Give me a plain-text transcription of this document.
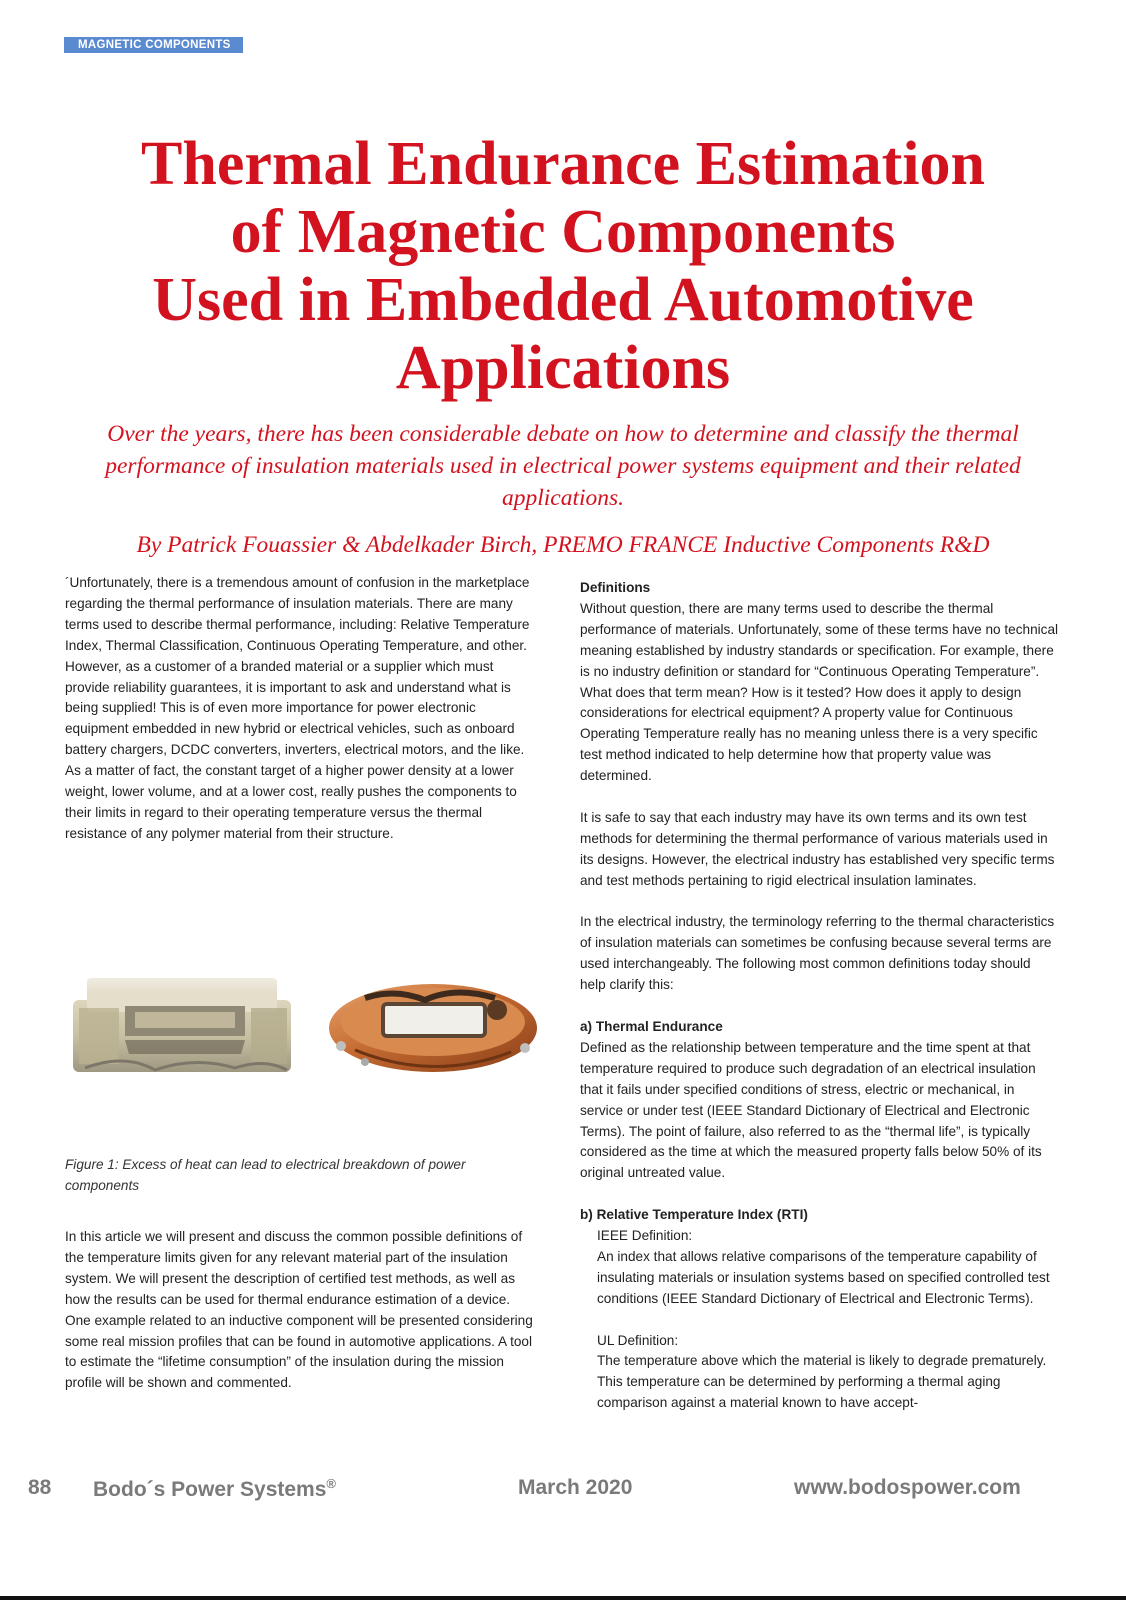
MAGNETIC COMPONENTS
Thermal Endurance Estimation
of Magnetic Components
Used in Embedded Automotive
Applications

Over the years, there has been considerable debate on how to determine and classify the thermal performance of insulation materials used in electrical power systems equipment and their related applications.

By Patrick Fouassier & Abdelkader Birch, PREMO FRANCE Inductive Components R&D

´Unfortunately, there is a tremendous amount of confusion in the marketplace regarding the thermal performance of insulation materials. There are many terms used to describe thermal performance, including: Relative Temperature Index, Thermal Classification, Continuous Operating Temperature, and other. However, as a customer of a branded material or a supplier which must provide reliability guarantees, it is important to ask and understand what is being supplied! This is of even more importance for power electronic equipment embedded in new hybrid or electrical vehicles, such as onboard battery chargers, DCDC converters, inverters, electrical motors, and the like. As a matter of fact, the constant target of a higher power density at a lower weight, lower volume, and at a lower cost, really pushes the components to their limits in regard to their operating temperature versus the thermal resistance of any polymer material from their structure.

Figure 1: Excess of heat can lead to electrical breakdown of power components

In this article we will present and discuss the common possible definitions of the temperature limits given for any relevant material part of the insulation system. We will present the description of certified test methods, as well as how the results can be used for thermal endurance estimation of a device. One example related to an inductive component will be presented considering some real mission profiles that can be found in automotive applications. A tool to estimate the “lifetime consumption” of the insulation during the mission profile will be shown and commented.

Definitions

Without question, there are many terms used to describe the thermal performance of materials. Unfortunately, some of these terms have no technical meaning established by industry standards or specification. For example, there is no industry definition or standard for “Continuous Operating Temperature”. What does that term mean? How is it tested? How does it apply to design considerations for electrical equipment? A property value for Continuous Operating Temperature really has no meaning unless there is a very specific test method indicated to help determine how that property value was determined.

It is safe to say that each industry may have its own terms and its own test methods for determining the thermal performance of various materials used in its designs. However, the electrical industry has established very specific terms and test methods pertaining to rigid electrical insulation laminates.

In the electrical industry, the terminology referring to the thermal characteristics of insulation materials can sometimes be confusing because several terms are used interchangeably. The following most common definitions today should help clarify this:

a) Thermal Endurance

Defined as the relationship between temperature and the time spent at that temperature required to produce such degradation of an electrical insulation that it fails under specified conditions of stress, electric or mechanical, in service or under test (IEEE Standard Dictionary of Electrical and Electronic Terms). The point of failure, also referred to as the “thermal life”, is typically considered as the time at which the measured property falls below 50% of its original untreated value.

b) Relative Temperature Index (RTI)

IEEE Definition:

An index that allows relative comparisons of the temperature capability of insulating materials or insulation systems based on specified controlled test conditions (IEEE Standard Dictionary of Electrical and Electronic Terms).

UL Definition:

The temperature above which the material is likely to degrade prematurely. This temperature can be determined by performing a thermal aging comparison against a material known to have accept-

88 Bodo´s Power Systems®	March 2020	www.bodospower.com
